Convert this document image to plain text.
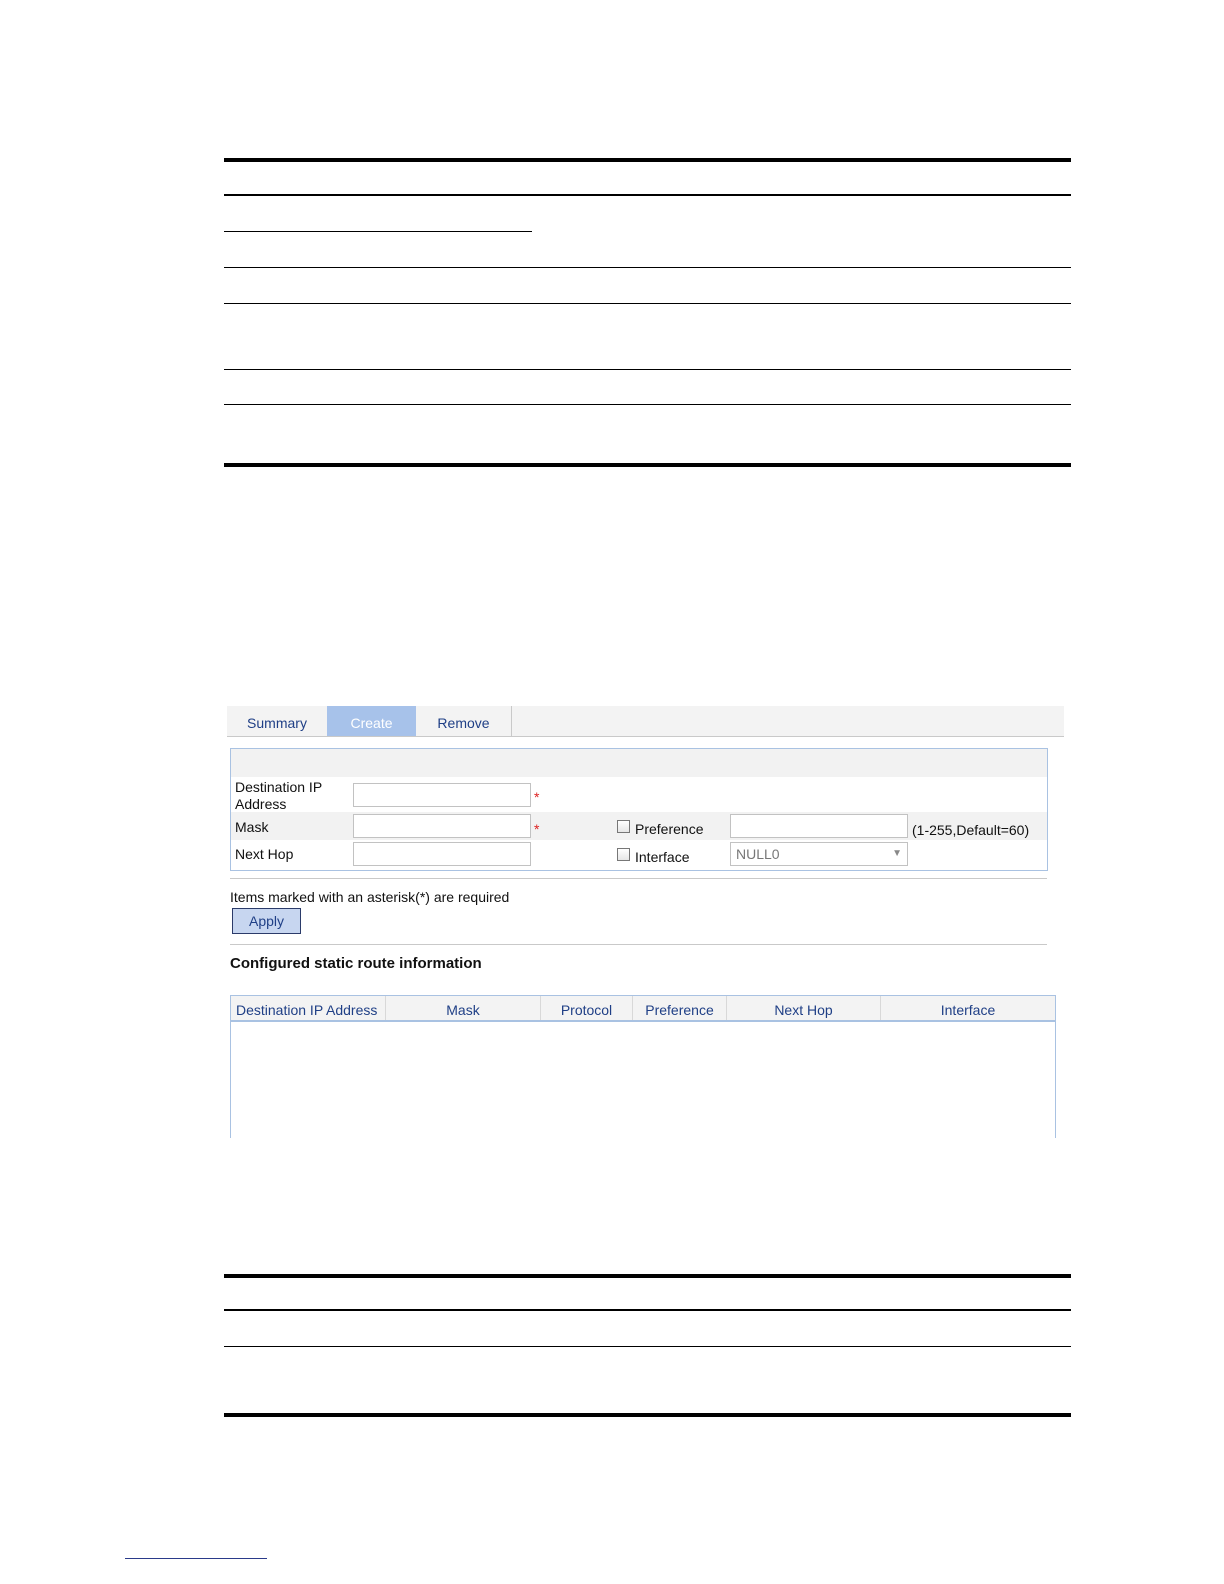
Summary	Create	Remove
Destination IP
Address	*
Mask	*	Preference	(1-255,Default=60)
Next Hop	Interface	NULL0	▼
Items marked with an asterisk(*) are required
Apply
Configured static route information
Destination IP Address	Mask	Protocol	Preference	Next Hop	Interface
